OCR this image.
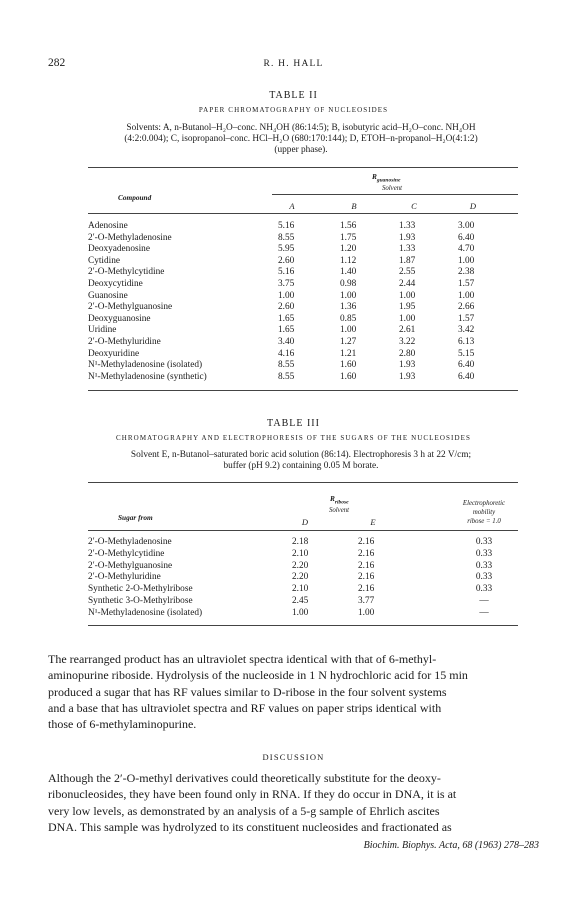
282	R. H. HALL
TABLE II
PAPER CHROMATOGRAPHY OF NUCLEOSIDES
Solvents: A, n-Butanol–H₂O–conc. NH₄OH (86:14:5); B, isobutyric acid–H₂O–conc. NH₄OH
(4:2:0.004); C, isopropanol–conc. HCl–H₂O (680:170:144); D, ETOH–n-propanol–H₂O(4:1:2)
(upper phase).
$R_{guanosine}$
Solvent
Compound
A	B	C	D
Adenosine	5.16	1.56	1.33	3.00
2′-O-Methyladenosine	8.55	1.75	1.93	6.40
Deoxyadenosine	5.95	1.20	1.33	4.70
Cytidine	2.60	1.12	1.87	1.00
2′-O-Methylcytidine	5.16	1.40	2.55	2.38
Deoxycytidine	3.75	0.98	2.44	1.57
Guanosine	1.00	1.00	1.00	1.00
2′-O-Methylguanosine	2.60	1.36	1.95	2.66
Deoxyguanosine	1.65	0.85	1.00	1.57
Uridine	1.65	1.00	2.61	3.42
2′-O-Methyluridine	3.40	1.27	3.22	6.13
Deoxyuridine	4.16	1.21	2.80	5.15
N¹-Methyladenosine (isolated)	8.55	1.60	1.93	6.40
N¹-Methyladenosine (synthetic)	8.55	1.60	1.93	6.40
TABLE III
CHROMATOGRAPHY AND ELECTROPHORESIS OF THE SUGARS OF THE NUCLEOSIDES
Solvent E, n-Butanol–saturated boric acid solution (86:14). Electrophoresis 3 h at 22 V/cm;
buffer (pH 9.2) containing 0.05 M borate.
$R_{ribose}$
Solvent
Electrophoretic
mobility
ribose = 1.0
Sugar from	D	E
2′-O-Methyladenosine	2.18	2.16	0.33
2′-O-Methylcytidine	2.10	2.16	0.33
2′-O-Methylguanosine	2.20	2.16	0.33
2′-O-Methyluridine	2.20	2.16	0.33
Synthetic 2-O-Methylribose	2.10	2.16	0.33
Synthetic 3-O-Methylribose	2.45	3.77	—
N¹-Methyladenosine (isolated)	1.00	1.00	—
The rearranged product has an ultraviolet spectra identical with that of 6-methyl-
aminopurine riboside. Hydrolysis of the nucleoside in 1 N hydrochloric acid for 15 min
produced a sugar that has RF values similar to D-ribose in the four solvent systems
and a base that has ultraviolet spectra and RF values on paper strips identical with
those of 6-methylaminopurine.
DISCUSSION
Although the 2′-O-methyl derivatives could theoretically substitute for the deoxy-
ribonucleosides, they have been found only in RNA. If they do occur in DNA, it is at
very low levels, as demonstrated by an analysis of a 5-g sample of Ehrlich ascites
DNA. This sample was hydrolyzed to its constituent nucleosides and fractionated as
Biochim. Biophys. Acta, 68 (1963) 278–283
